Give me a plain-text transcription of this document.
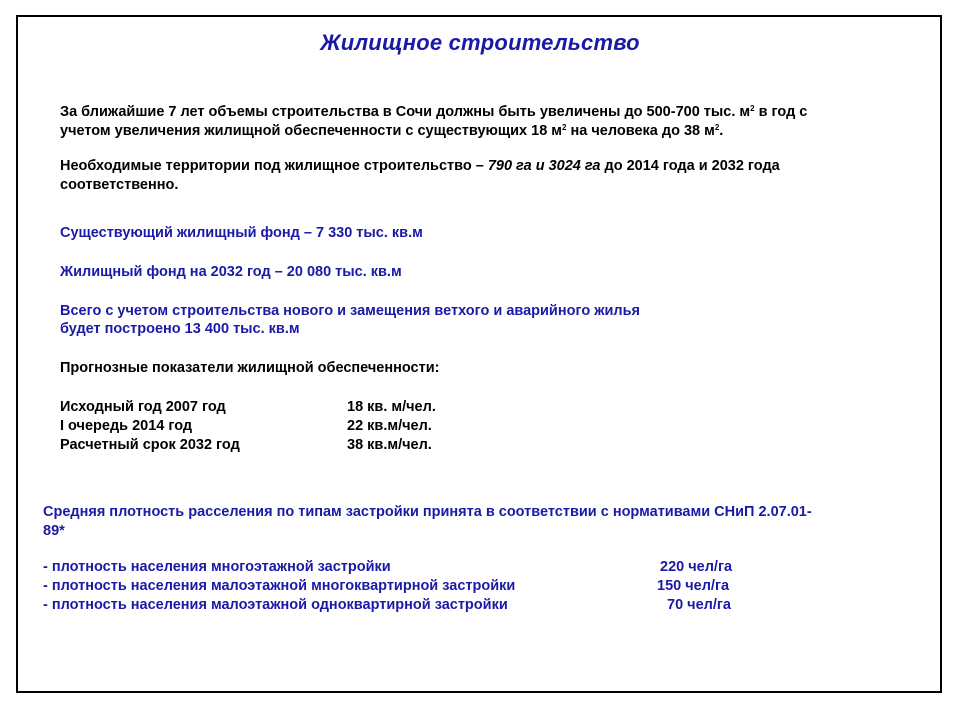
Жилищное строительство
За ближайшие 7 лет объемы строительства в Сочи должны быть увеличены до 500-700 тыс. $м^2$ в год с
учетом увеличения жилищной обеспеченности с существующих 18 $м^2$ на человека до 38 $м^2$.
Необходимые территории под жилищное строительство – 790 га и 3024 га до 2014 года и 2032 года
соответственно.
Существующий жилищный фонд – 7 330 тыс. кв.м
Жилищный фонд на 2032 год – 20 080 тыс. кв.м
Всего с учетом строительства нового и замещения ветхого и аварийного жилья
будет построено 13 400 тыс. кв.м
Прогнозные показатели жилищной обеспеченности:
Исходный год 2007 год	18 кв. м/чел.
I очередь 2014 год	22 кв.м/чел.
Расчетный срок 2032 год	38 кв.м/чел.
Средняя плотность расселения по типам застройки принята в соответствии с нормативами СНиП 2.07.01-
89*
- плотность населения многоэтажной застройки	220 чел/га
- плотность населения малоэтажной многоквартирной застройки	150 чел/га
- плотность населения малоэтажной одноквартирной застройки	70 чел/га
